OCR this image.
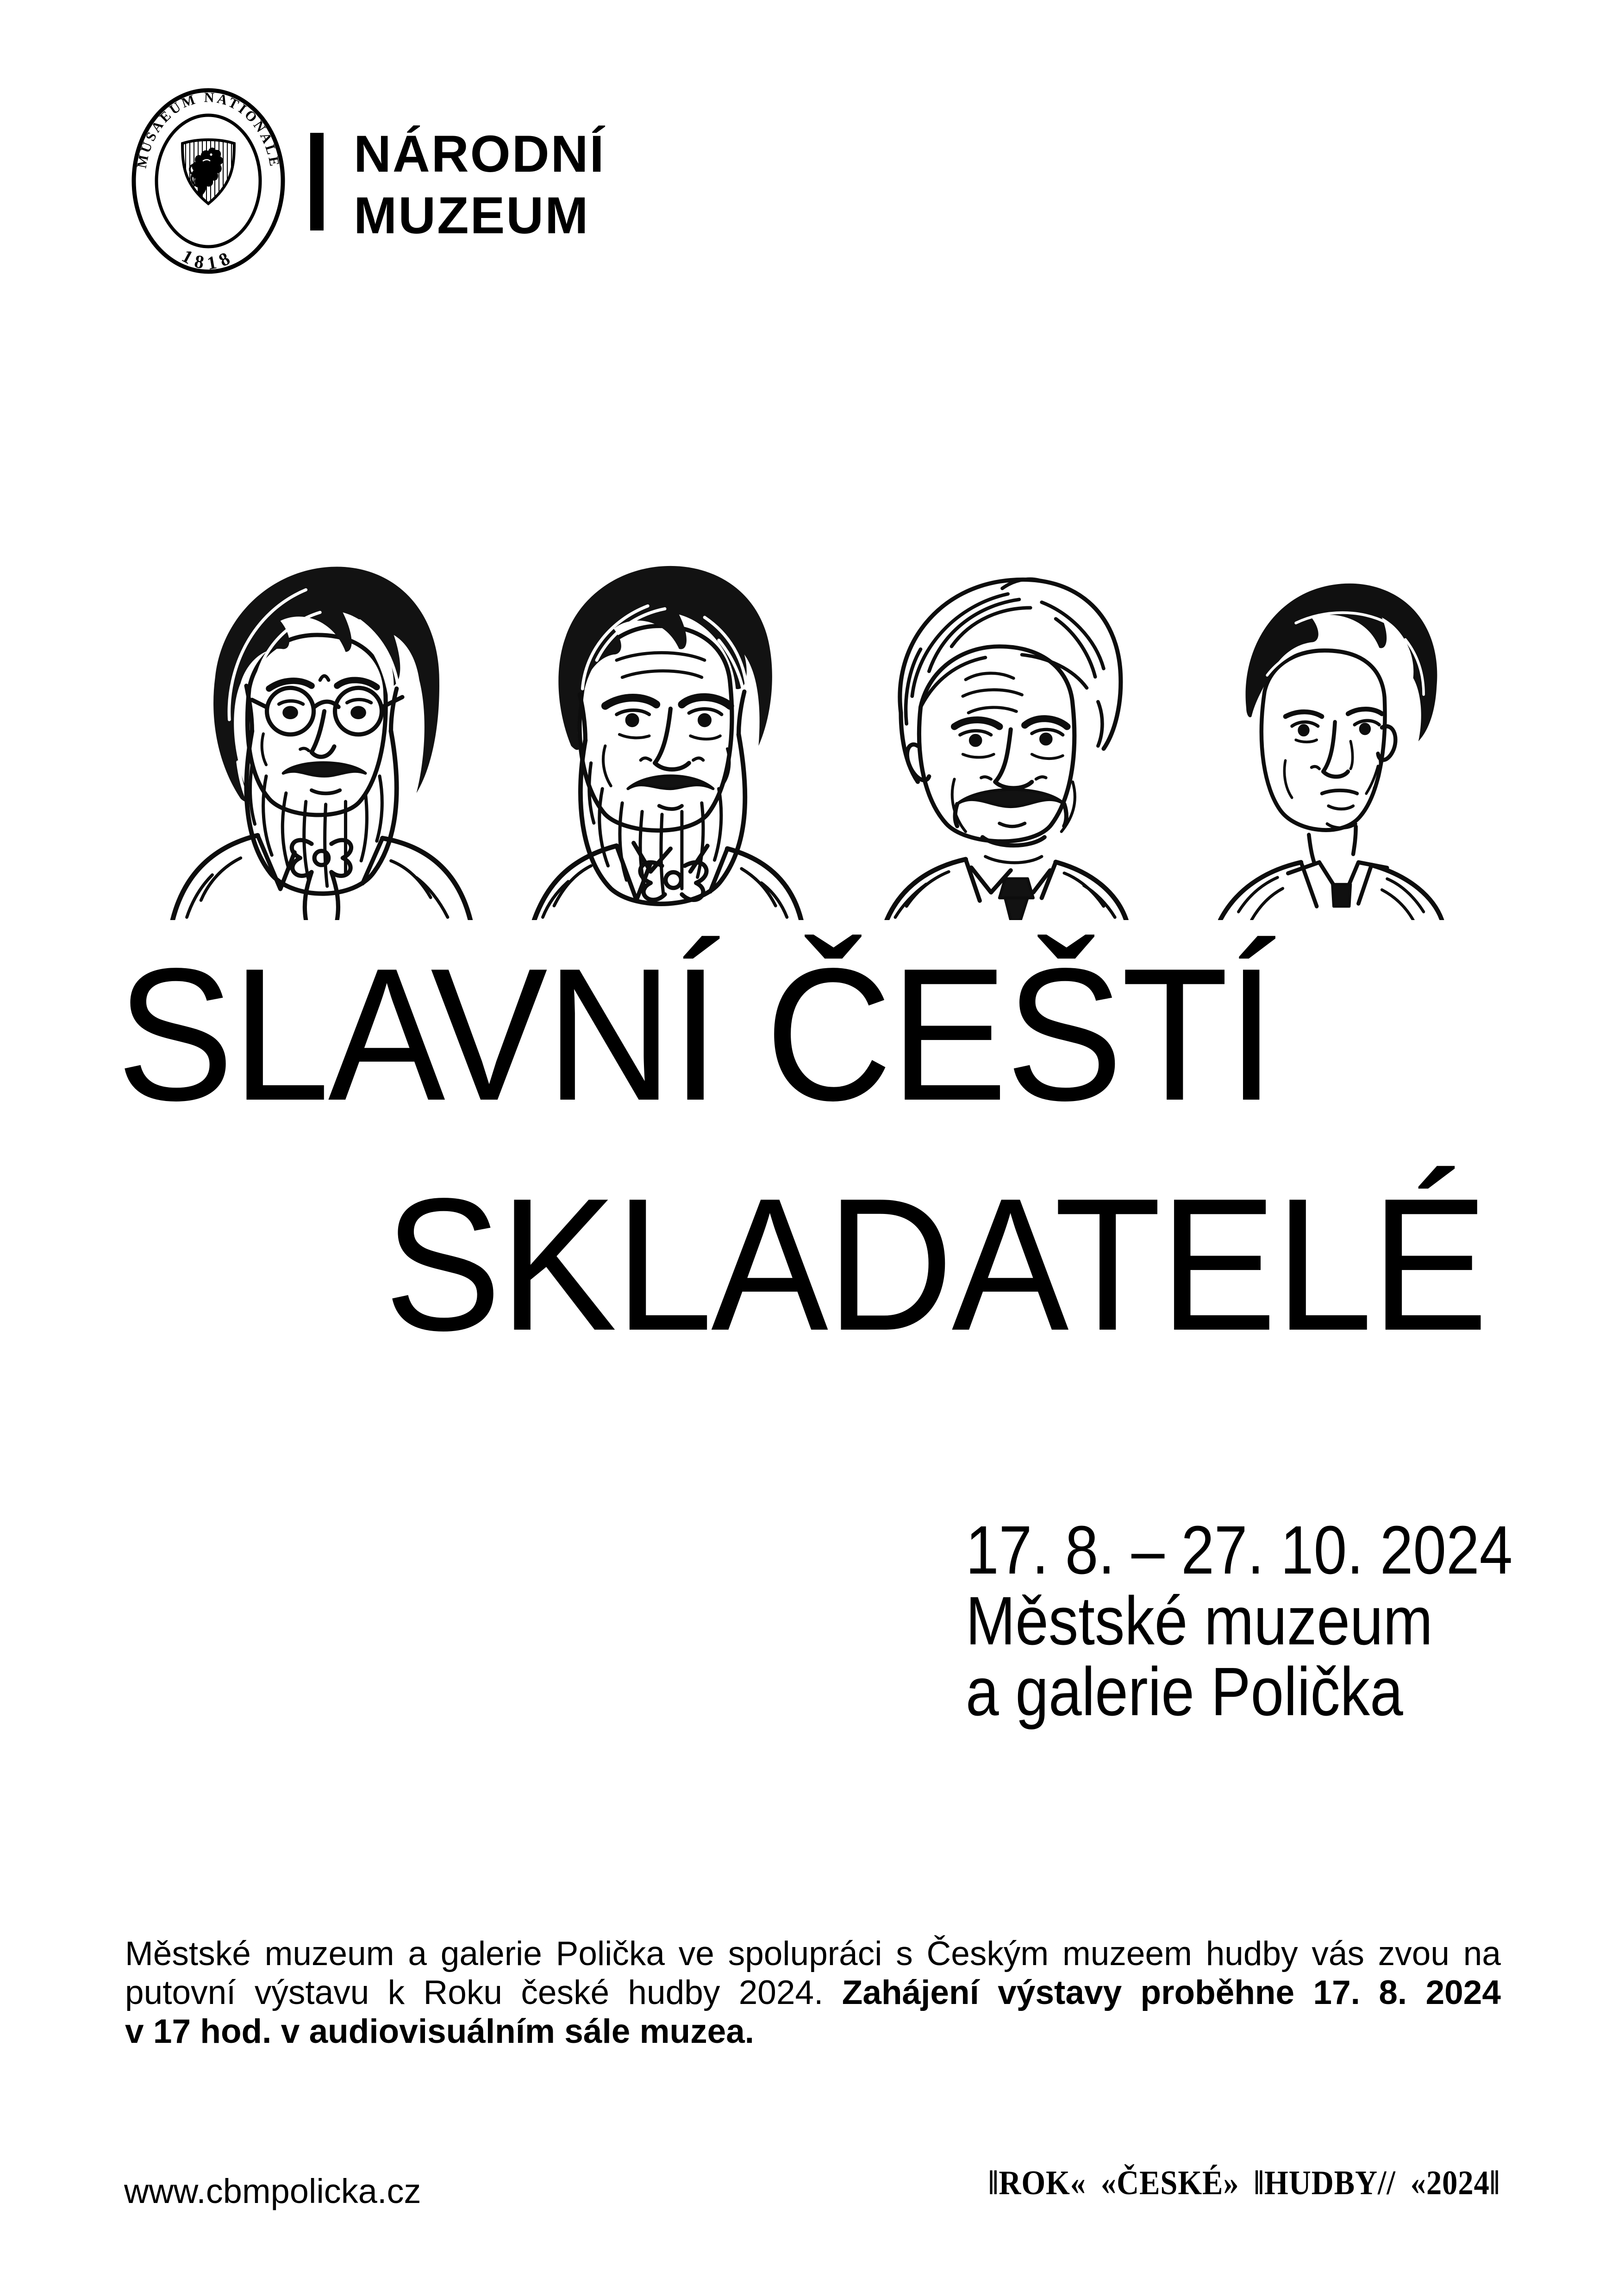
MUSAEUM NATIONALE
1818
NÁRODNÍ
MUZEUM
SLAVNÍ ČEŠTÍ
SKLADATELÉ
17. 8. – 27. 10. 2024
Městské muzeum
a galerie Polička
Městské muzeum a galerie Polička ve spolupráci s Českým muzeem hudby vás zvou na
putovní výstavu k Roku české hudby 2024. Zahájení výstavy proběhne 17. 8. 2024
v 17 hod. v audiovisuálním sále muzea.
www.cbmpolicka.cz	‖ROK« «ČESKÉ» ‖HUDBY// «2024‖
